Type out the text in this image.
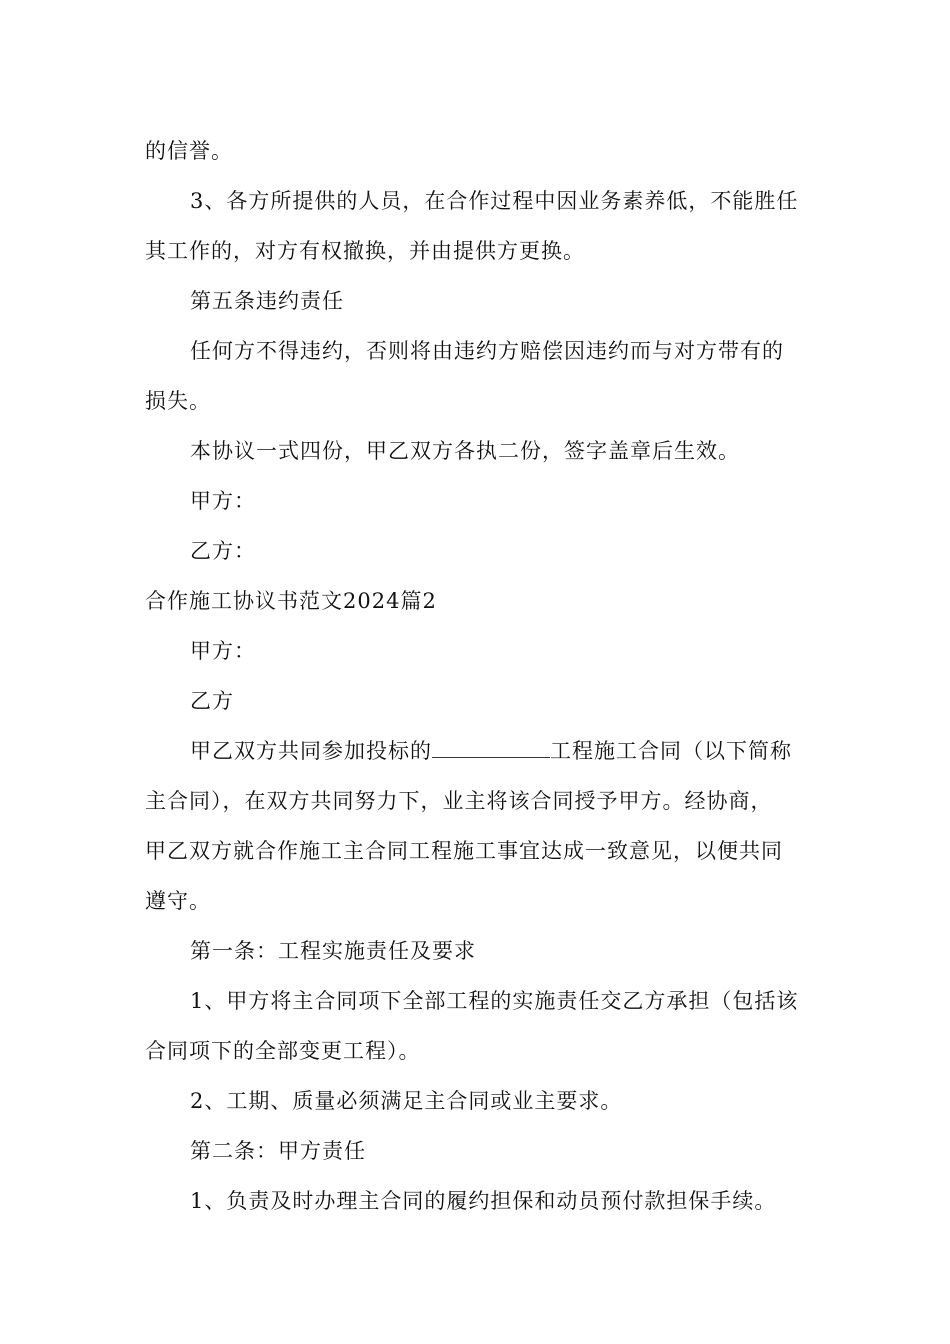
的信誉。
3、各方所提供的人员，在合作过程中因业务素养低，不能胜任
其工作的，对方有权撤换，并由提供方更换。
第五条违约责任
任何方不得违约，否则将由违约方赔偿因违约而与对方带有的
损失。
本协议一式四份，甲乙双方各执二份，签字盖章后生效。
甲方：
乙方：
合作施工协议书范文2024篇2
甲方：
乙方
甲乙双方共同参加投标的	工程施工合同（以下简称
主合同），在双方共同努力下，业主将该合同授予甲方。经协商，
甲乙双方就合作施工主合同工程施工事宜达成一致意见，以便共同
遵守。
第一条：工程实施责任及要求
1、甲方将主合同项下全部工程的实施责任交乙方承担（包括该
合同项下的全部变更工程）。
2、工期、质量必须满足主合同或业主要求。
第二条：甲方责任
1、负责及时办理主合同的履约担保和动员预付款担保手续。
